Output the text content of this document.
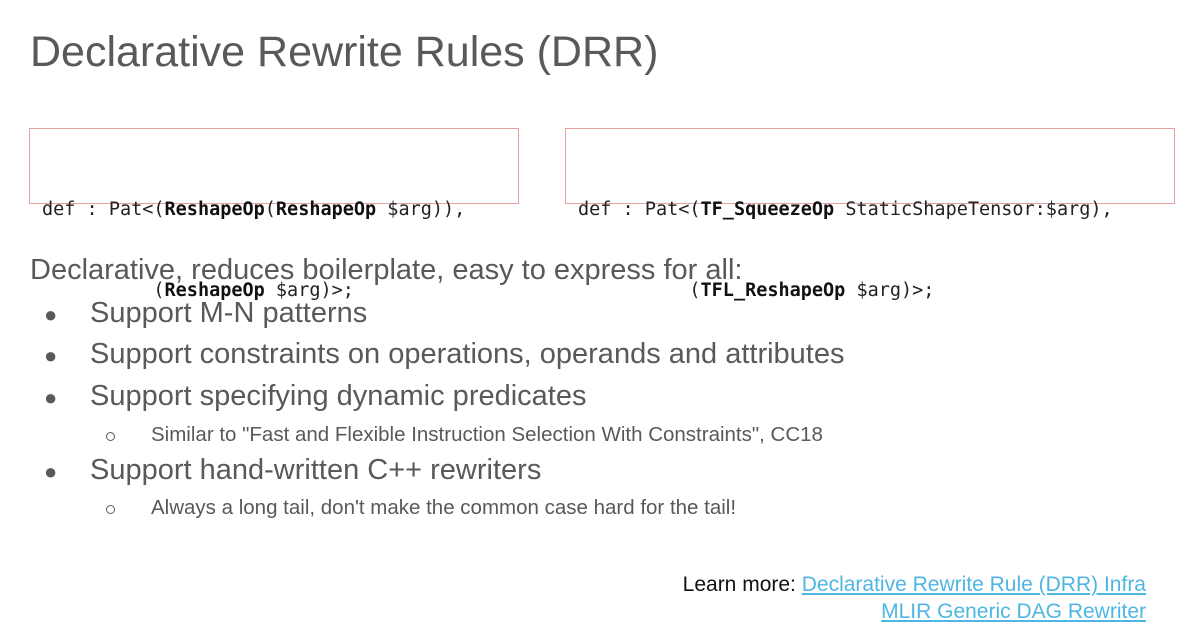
Declarative Rewrite Rules (DRR)

def : Pat<(ReshapeOp(ReshapeOp $arg)),

(ReshapeOp $arg)>;

def : Pat<(TF_SqueezeOp StaticShapeTensor:$arg),

(TFL_ReshapeOp $arg)>;

Declarative, reduces boilerplate, easy to express for all:
● Support M-N patterns
● Support constraints on operations, operands and attributes
● Support specifying dynamic predicates
Similar to "Fast and Flexible Instruction Selection With Constraints", CC18
● Support hand-written C++ rewriters
Always a long tail, don't make the common case hard for the tail!
Learn more: Declarative Rewrite Rule (DRR) Infra
MLIR Generic DAG Rewriter
